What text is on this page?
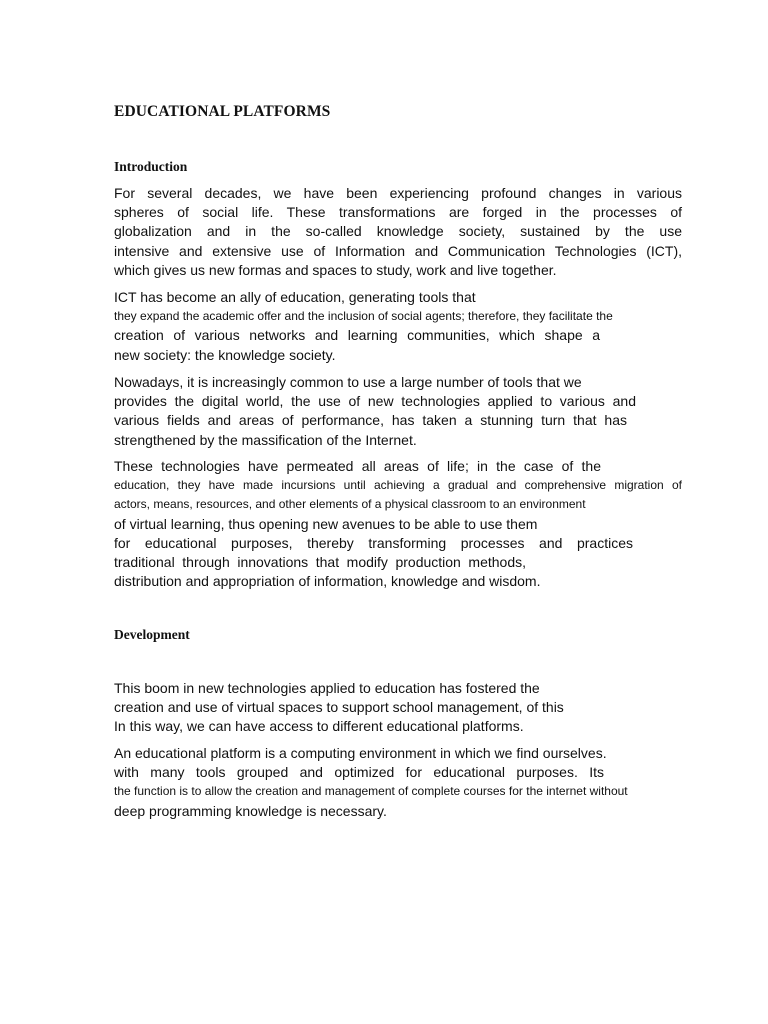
EDUCATIONAL PLATFORMS
Introduction

For several decades, we have been experiencing profound changes in various
spheres of social life. These transformations are forged in the processes of
globalization and in the so-called knowledge society, sustained by the use
intensive and extensive use of Information and Communication Technologies (ICT),
which gives us new formas and spaces to study, work and live together.

ICT has become an ally of education, generating tools that
they expand the academic offer and the inclusion of social agents; therefore, they facilitate the
creation of various networks and learning communities, which shape a
new society: the knowledge society.

Nowadays, it is increasingly common to use a large number of tools that we
provides the digital world, the use of new technologies applied to various and
various fields and areas of performance, has taken a stunning turn that has
strengthened by the massification of the Internet.

These technologies have permeated all areas of life; in the case of the
education, they have made incursions until achieving a gradual and comprehensive migration of
actors, means, resources, and other elements of a physical classroom to an environment
of virtual learning, thus opening new avenues to be able to use them
for educational purposes, thereby transforming processes and practices
traditional through innovations that modify production methods,
distribution and appropriation of information, knowledge and wisdom.

Development

This boom in new technologies applied to education has fostered the
creation and use of virtual spaces to support school management, of this
In this way, we can have access to different educational platforms.

An educational platform is a computing environment in which we find ourselves.
with many tools grouped and optimized for educational purposes. Its
the function is to allow the creation and management of complete courses for the internet without
deep programming knowledge is necessary.
